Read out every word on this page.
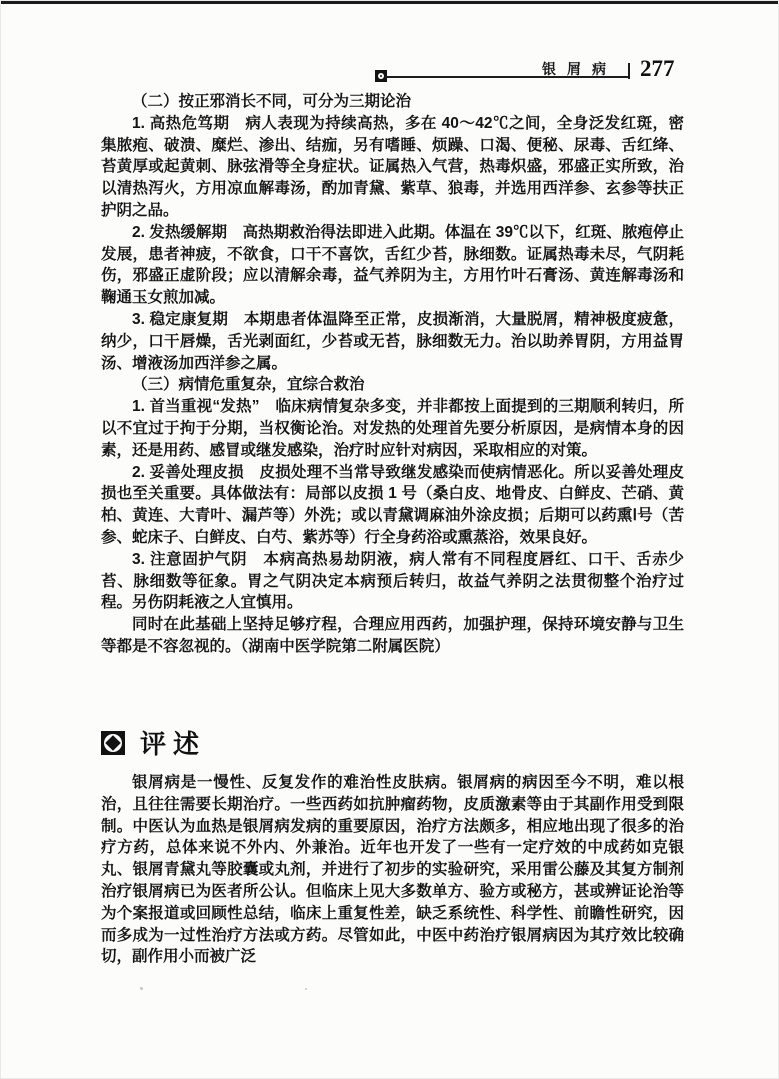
银屑病 277

（二）按正邪消长不同，可分为三期论治

1. 高热危笃期　病人表现为持续高热，多在 40～42℃之间，全身泛发红斑，密集脓疱、破溃、糜烂、渗出、结痂，另有嗜睡、烦躁、口渴、便秘、尿毒、舌红绛、苔黄厚或起黄刺、脉弦滑等全身症状。证属热入气营，热毒炽盛，邪盛正实所致，治以清热泻火，方用凉血解毒汤，酌加青黛、紫草、狼毒，并选用西洋参、玄参等扶正护阴之品。

2. 发热缓解期　高热期救治得法即进入此期。体温在 39℃以下，红斑、脓疱停止发展，患者神疲，不欲食，口干不喜饮，舌红少苔，脉细数。证属热毒未尽，气阴耗伤，邪盛正虚阶段；应以清解余毒，益气养阴为主，方用竹叶石膏汤、黄连解毒汤和鞠通玉女煎加减。

3. 稳定康复期　本期患者体温降至正常，皮损渐消，大量脱屑，精神极度疲惫，纳少，口干唇燥，舌光剥面红，少苔或无苔，脉细数无力。治以助养胃阴，方用益胃汤、增液汤加西洋参之属。

（三）病情危重复杂，宜综合救治

1. 首当重视“发热”　临床病情复杂多变，并非都按上面提到的三期顺利转归，所以不宜过于拘于分期，当权衡论治。对发热的处理首先要分析原因，是病情本身的因素，还是用药、感冒或继发感染，治疗时应针对病因，采取相应的对策。

2. 妥善处理皮损　皮损处理不当常导致继发感染而使病情恶化。所以妥善处理皮损也至关重要。具体做法有：局部以皮损 1 号（桑白皮、地骨皮、白鲜皮、芒硝、黄柏、黄连、大青叶、漏芦等）外洗；或以青黛调麻油外涂皮损；后期可以药熏Ⅰ号（苦参、蛇床子、白鲜皮、白芍、紫苏等）行全身药浴或熏蒸浴，效果良好。

3. 注意固护气阴　本病高热易劫阴液，病人常有不同程度唇红、口干、舌赤少苔、脉细数等征象。胃之气阴决定本病预后转归，故益气养阴之法贯彻整个治疗过程。另伤阴耗液之人宜慎用。

同时在此基础上坚持足够疗程，合理应用西药，加强护理，保持环境安静与卫生等都是不容忽视的。（湖南中医学院第二附属医院）

评述

银屑病是一慢性、反复发作的难治性皮肤病。银屑病的病因至今不明，难以根治，且往往需要长期治疗。一些西药如抗肿瘤药物，皮质激素等由于其副作用受到限制。中医认为血热是银屑病发病的重要原因，治疗方法颇多，相应地出现了很多的治疗方药，总体来说不外内、外兼治。近年也开发了一些有一定疗效的中成药如克银丸、银屑青黛丸等胶囊或丸剂，并进行了初步的实验研究，采用雷公藤及其复方制剂治疗银屑病已为医者所公认。但临床上见大多数单方、验方或秘方，甚或辨证论治等为个案报道或回顾性总结，临床上重复性差，缺乏系统性、科学性、前瞻性研究，因而多成为一过性治疗方法或方药。尽管如此，中医中药治疗银屑病因为其疗效比较确切，副作用小而被广泛
